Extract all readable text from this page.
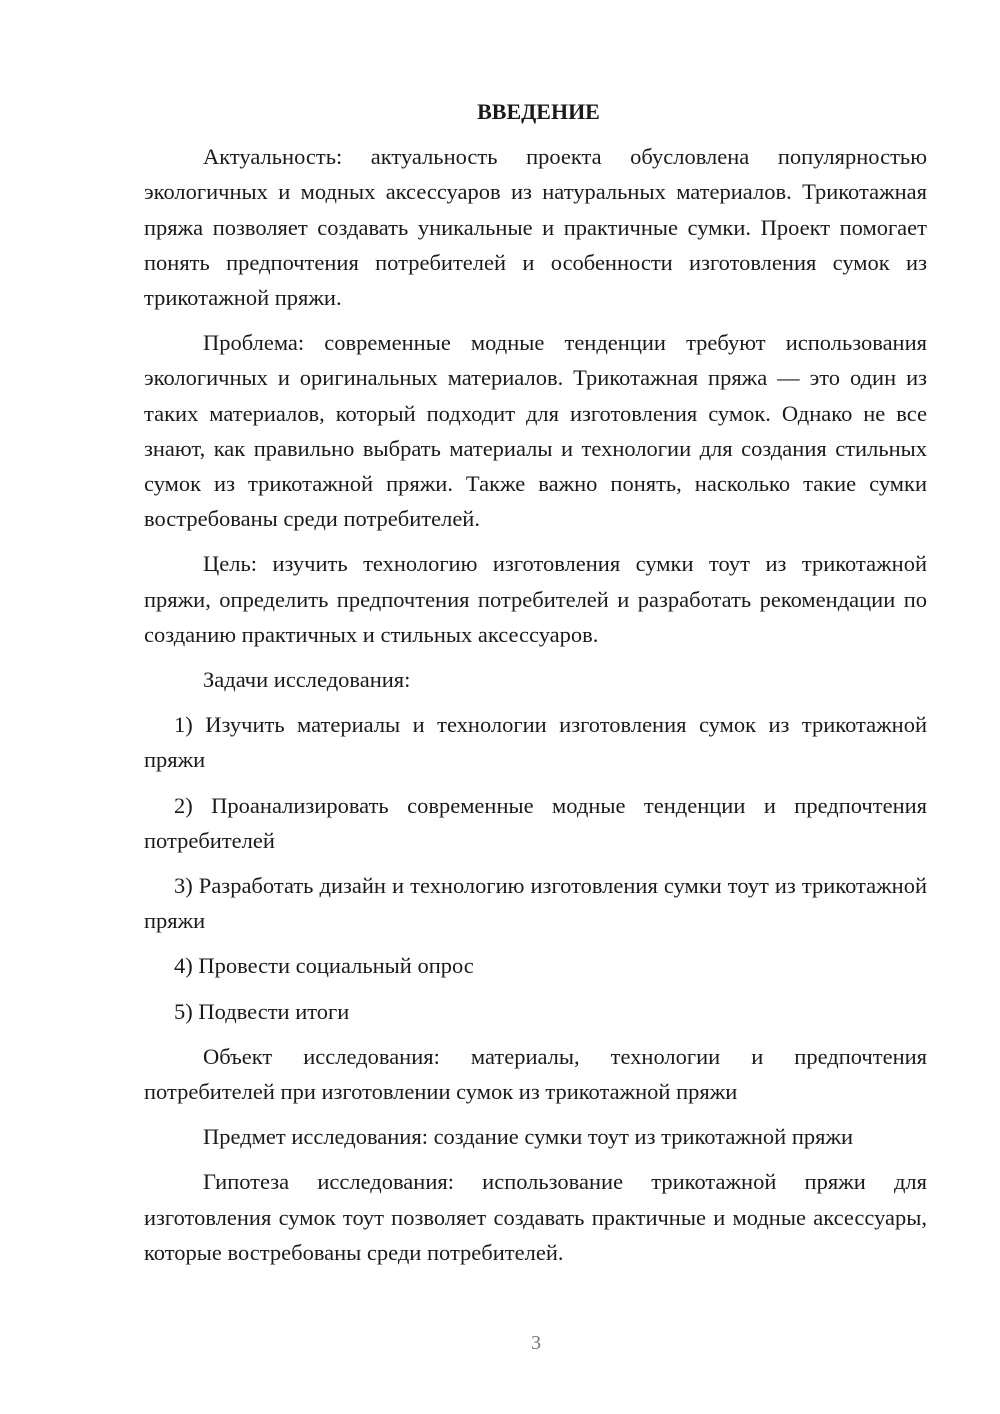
ВВЕДЕНИЕ

Актуальность: актуальность проекта обусловлена популярностью экологичных и модных аксессуаров из натуральных материалов. Трикотажная пряжа позволяет создавать уникальные и практичные сумки. Проект помогает понять предпочтения потребителей и особенности изготовления сумок из трикотажной пряжи.

Проблема: современные модные тенденции требуют использования экологичных и оригинальных материалов. Трикотажная пряжа — это один из таких материалов, который подходит для изготовления сумок. Однако не все знают, как правильно выбрать материалы и технологии для создания стильных сумок из трикотажной пряжи. Также важно понять, насколько такие сумки востребованы среди потребителей.

Цель: изучить технологию изготовления сумки тоут из трикотажной пряжи, определить предпочтения потребителей и разработать рекомендации по созданию практичных и стильных аксессуаров.

Задачи исследования:

1) Изучить материалы и технологии изготовления сумок из трикотажной пряжи

2) Проанализировать современные модные тенденции и предпочтения потребителей

3) Разработать дизайн и технологию изготовления сумки тоут из трикотажной пряжи

4) Провести социальный опрос

5) Подвести итоги

Объект исследования: материалы, технологии и предпочтения потребителей при изготовлении сумок из трикотажной пряжи

Предмет исследования: создание сумки тоут из трикотажной пряжи

Гипотеза исследования: использование трикотажной пряжи для изготовления сумок тоут позволяет создавать практичные и модные аксессуары, которые востребованы среди потребителей.

3
